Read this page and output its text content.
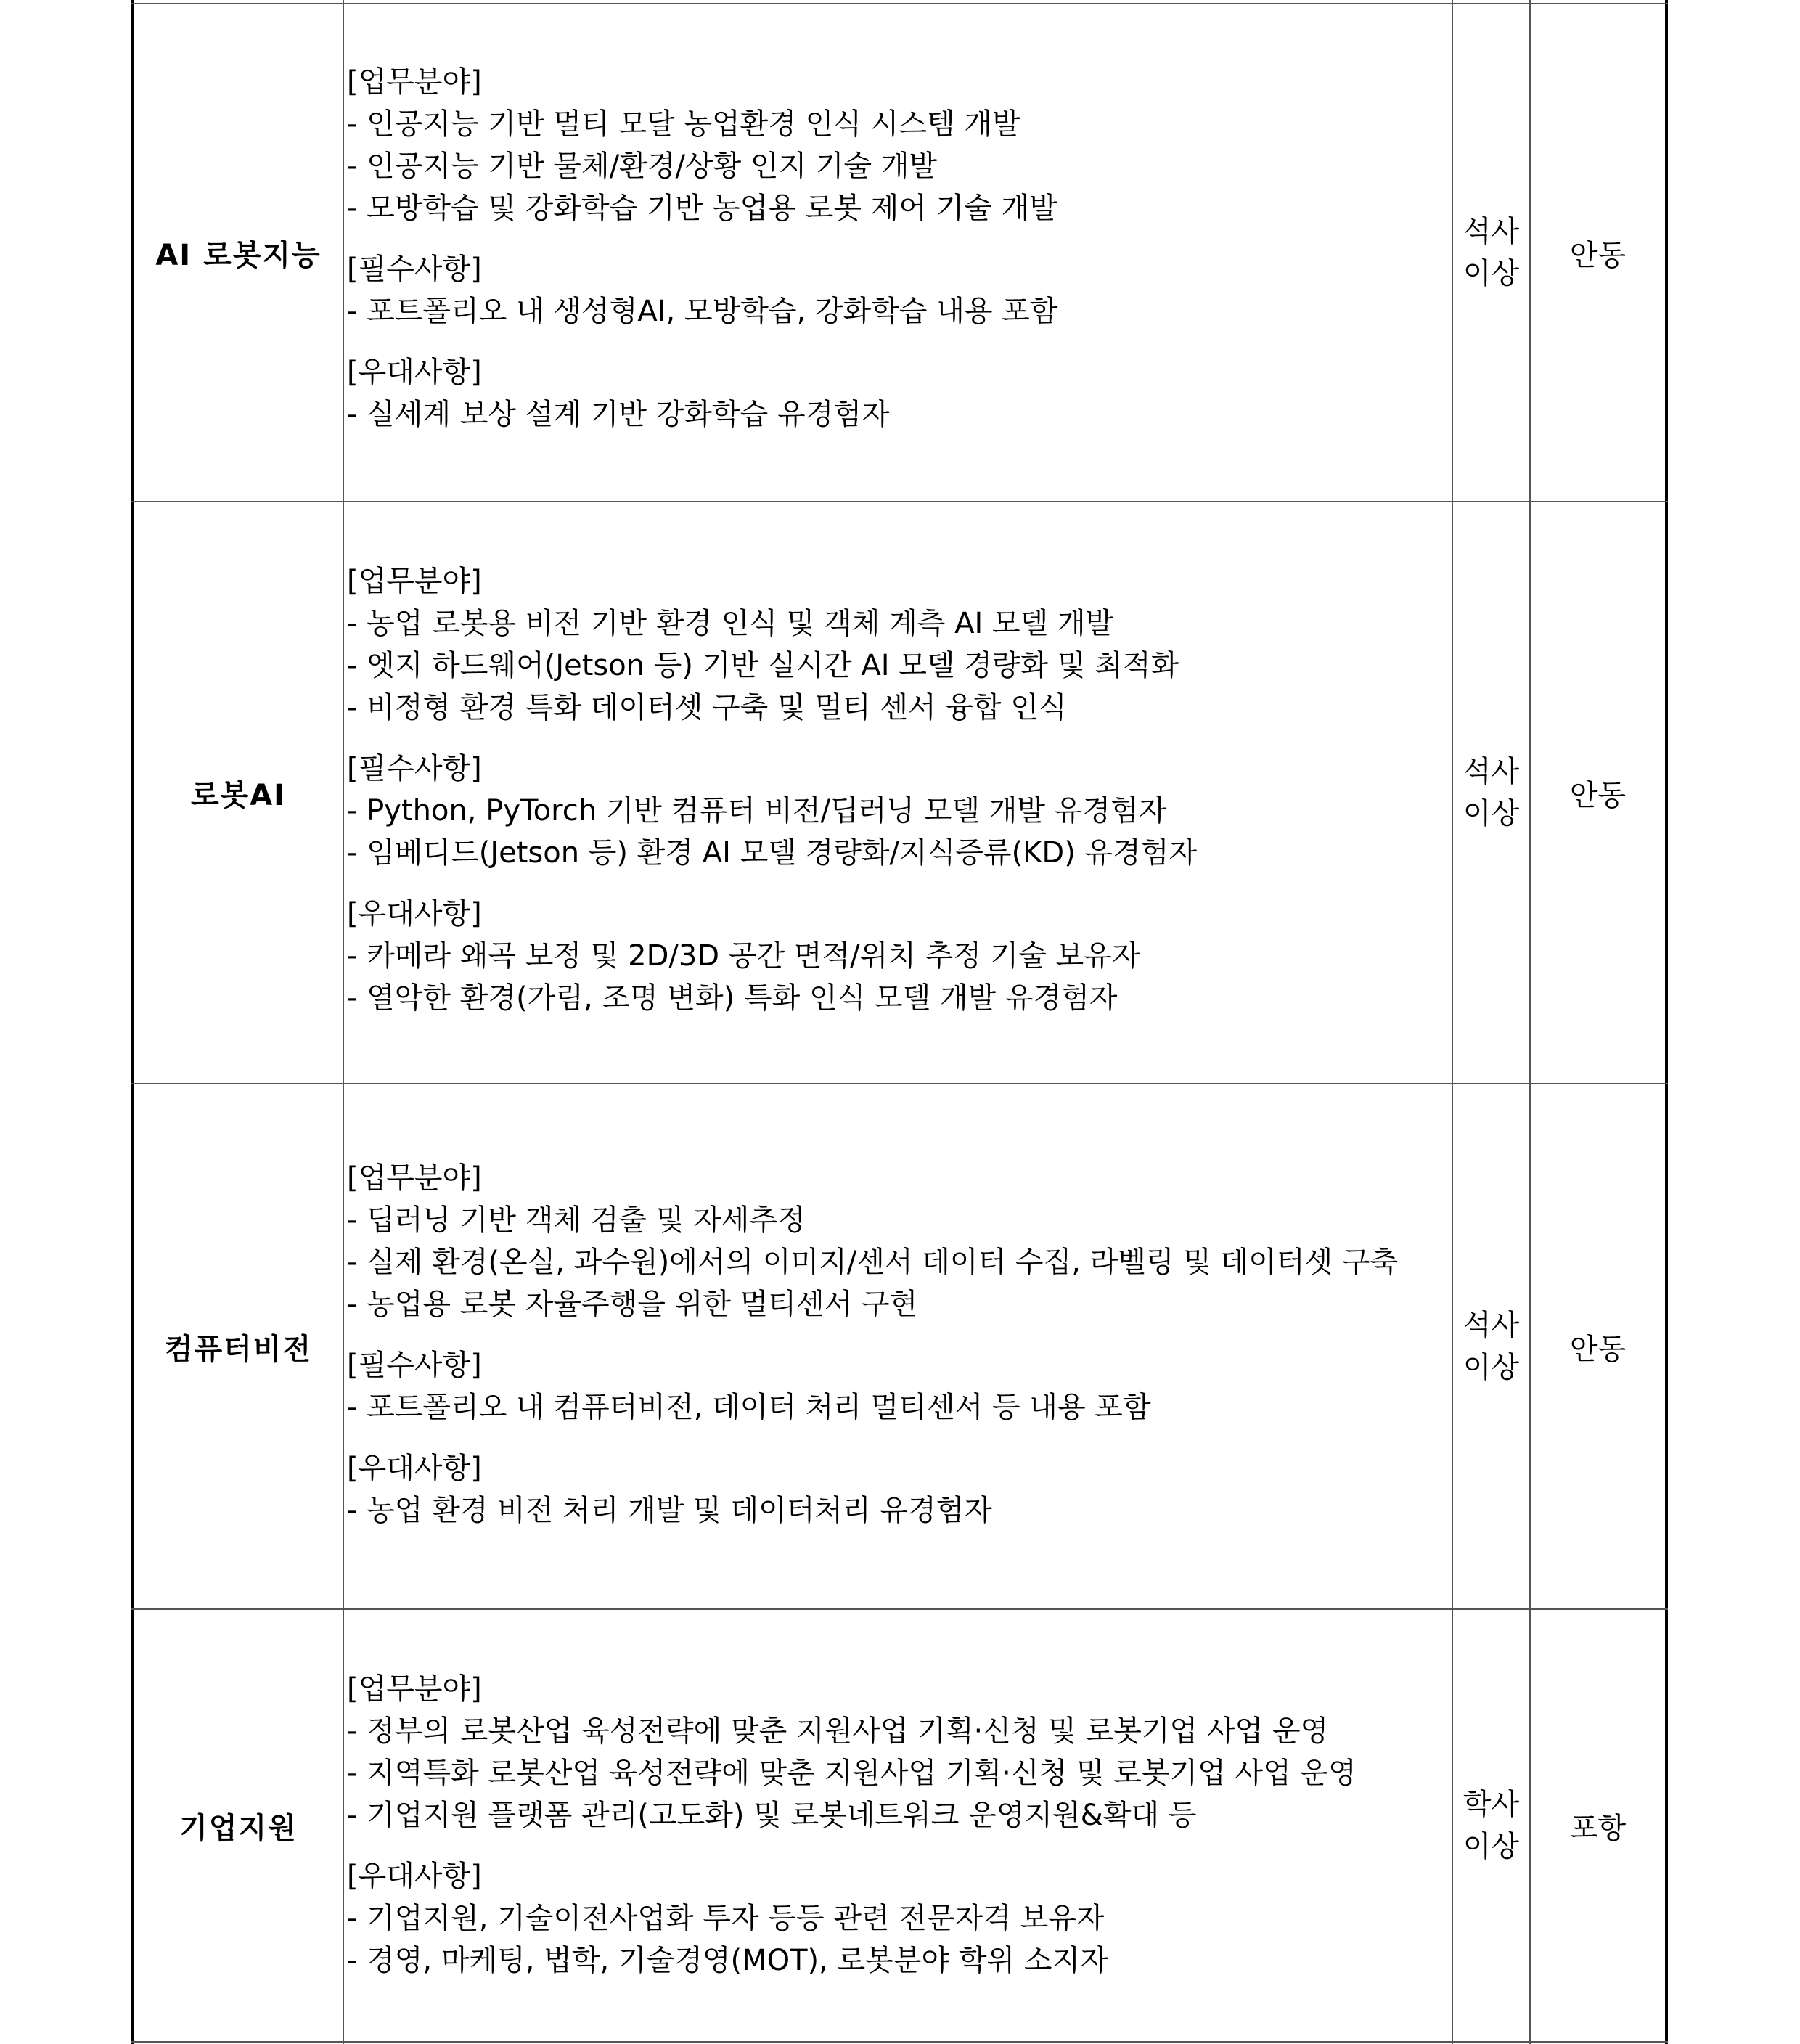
AI 로봇지능
[업무분야]
- 인공지능 기반 멀티 모달 농업환경 인식 시스템 개발
- 인공지능 기반 물체/환경/상황 인지 기술 개발
- 모방학습 및 강화학습 기반 농업용 로봇 제어 기술 개발
[필수사항]
- 포트폴리오 내 생성형AI, 모방학습, 강화학습 내용 포함
[우대사항]
- 실세계 보상 설계 기반 강화학습 유경험자
석사
이상
안동
로봇AI
[업무분야]
- 농업 로봇용 비전 기반 환경 인식 및 객체 계측 AI 모델 개발
- 엣지 하드웨어(Jetson 등) 기반 실시간 AI 모델 경량화 및 최적화
- 비정형 환경 특화 데이터셋 구축 및 멀티 센서 융합 인식
[필수사항]
- Python, PyTorch 기반 컴퓨터 비전/딥러닝 모델 개발 유경험자
- 임베디드(Jetson 등) 환경 AI 모델 경량화/지식증류(KD) 유경험자
[우대사항]
- 카메라 왜곡 보정 및 2D/3D 공간 면적/위치 추정 기술 보유자
- 열악한 환경(가림, 조명 변화) 특화 인식 모델 개발 유경험자
석사
이상
안동
컴퓨터비전
[업무분야]
- 딥러닝 기반 객체 검출 및 자세추정
- 실제 환경(온실, 과수원)에서의 이미지/센서 데이터 수집, 라벨링 및 데이터셋 구축
- 농업용 로봇 자율주행을 위한 멀티센서 구현
[필수사항]
- 포트폴리오 내 컴퓨터비전, 데이터 처리 멀티센서 등 내용 포함
[우대사항]
- 농업 환경 비전 처리 개발 및 데이터처리 유경험자
석사
이상
안동
기업지원
[업무분야]
- 정부의 로봇산업 육성전략에 맞춘 지원사업 기획·신청 및 로봇기업 사업 운영
- 지역특화 로봇산업 육성전략에 맞춘 지원사업 기획·신청 및 로봇기업 사업 운영
- 기업지원 플랫폼 관리(고도화) 및 로봇네트워크 운영지원&확대 등
[우대사항]
- 기업지원, 기술이전사업화 투자 등등 관련 전문자격 보유자
- 경영, 마케팅, 법학, 기술경영(MOT), 로봇분야 학위 소지자
학사
이상
포항
